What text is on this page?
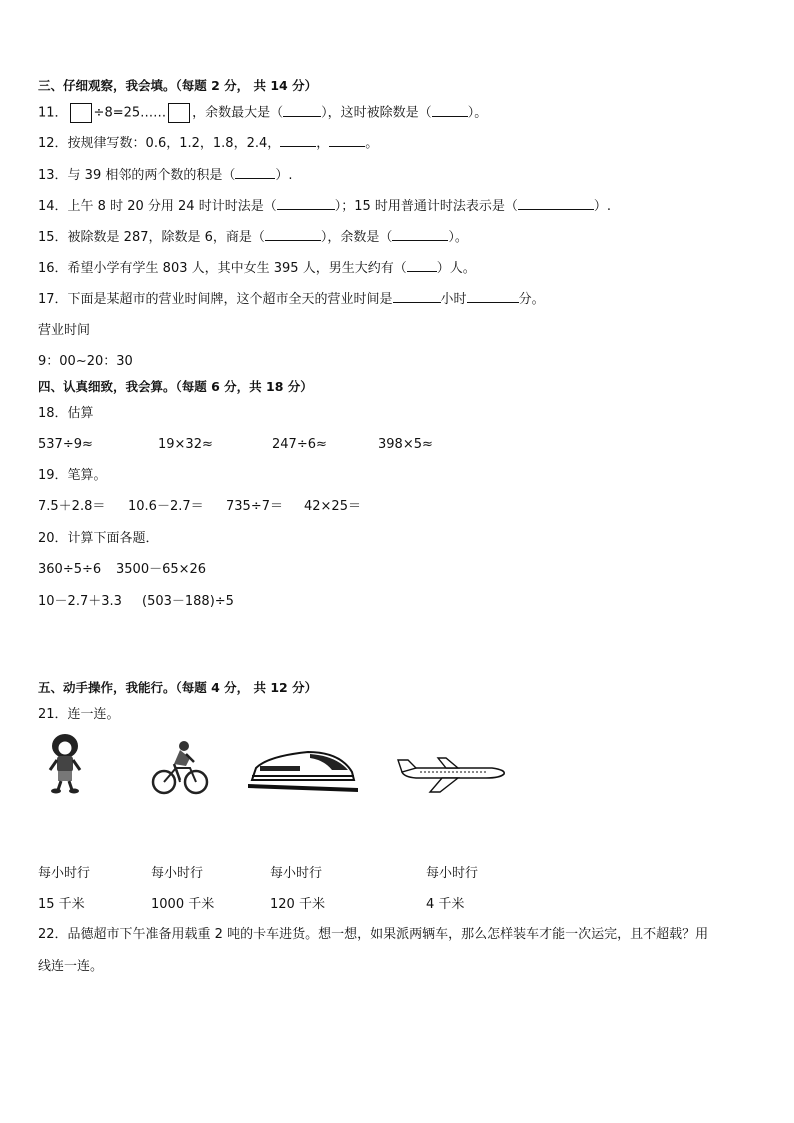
三、仔细观察，我会填。（每题 2 分， 共 14 分）
11． ÷8=25…… ，余数最大是（	），这时被除数是（	）。
12．按规律写数：0.6，1.2，1.8，2.4，	，	。
13．与 39 相邻的两个数的积是（	）.
14．上午 8 时 20 分用 24 时计时法是（	）；15 时用普通计时法表示是（	）.
15．被除数是 287，除数是 6，商是（	），余数是（	）。
16．希望小学有学生 803 人，其中女生 395 人，男生大约有（ ）人。
17．下面是某超市的营业时间牌，这个超市全天的营业时间是	小时	分。
营业时间
9：00~20：30
四、认真细致，我会算。（每题 6 分，共 18 分）
18．估算
537÷9≈	19×32≈	247÷6≈	398×5≈
19．笔算。
7.5＋2.8＝ 10.6－2.7＝ 735÷7＝ 42×25＝
20．计算下面各题．
360÷5÷6 3500－65×26
10－2.7＋3.3 (503－188)÷5
五、动手操作，我能行。（每题 4 分， 共 12 分）
21．连一连。
每小时行	每小时行	每小时行	每小时行
15 千米	1000 千米	120 千米	4 千米
22．品德超市下午准备用载重 2 吨的卡车进货。想一想，如果派两辆车，那么怎样装车才能一次运完，且不超载？用
线连一连。
